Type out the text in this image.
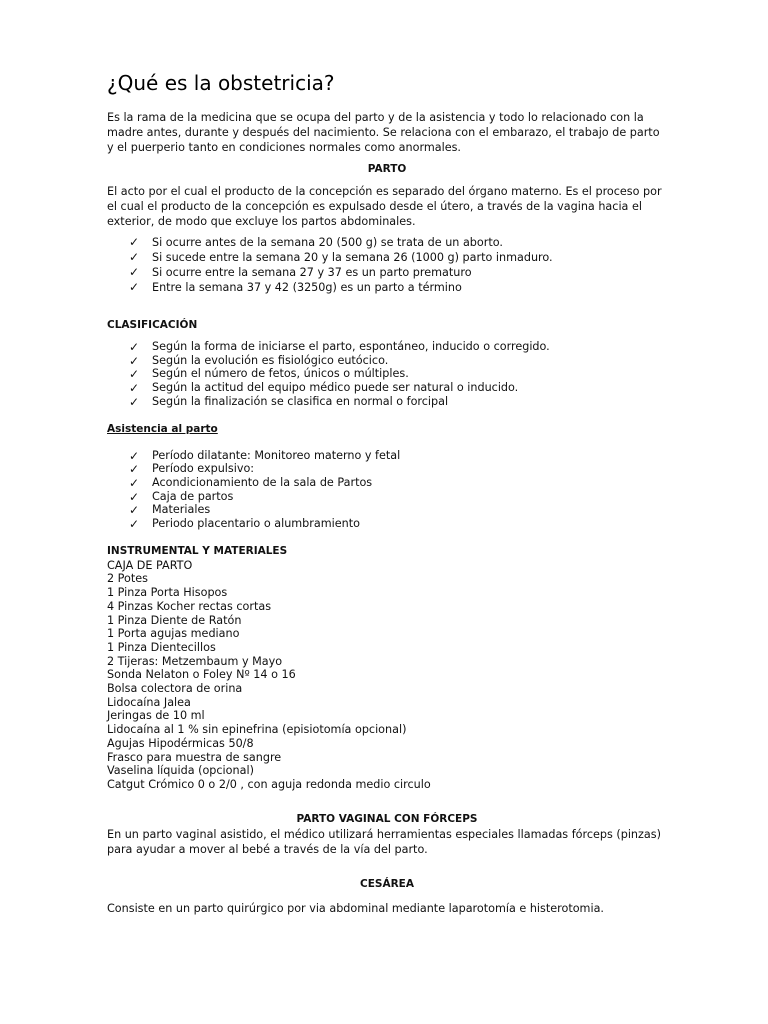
¿Qué es la obstetricia?

Es la rama de la medicina que se ocupa del parto y de la asistencia y todo lo relacionado con la madre antes, durante y después del nacimiento. Se relaciona con el embarazo, el trabajo de parto y el puerperio tanto en condiciones normales como anormales.

PARTO

El acto por el cual el producto de la concepción es separado del órgano materno. Es el proceso por el cual el producto de la concepción es expulsado desde el útero, a través de la vagina hacia el exterior, de modo que excluye los partos abdominales.

✓ Si ocurre antes de la semana 20 (500 g) se trata de un aborto.
✓ Si sucede entre la semana 20 y la semana 26 (1000 g) parto inmaduro.
✓ Si ocurre entre la semana 27 y 37 es un parto prematuro
✓ Entre la semana 37 y 42 (3250g) es un parto a término

CLASIFICACIÓN

✓ Según la forma de iniciarse el parto, espontáneo, inducido o corregido.
✓ Según la evolución es fisiológico eutócico.
✓ Según el número de fetos, únicos o múltiples.
✓ Según la actitud del equipo médico puede ser natural o inducido.
✓ Según la finalización se clasifica en normal o forcipal

Asistencia al parto

✓ Período dilatante: Monitoreo materno y fetal
✓ Período expulsivo:
✓ Acondicionamiento de la sala de Partos
✓ Caja de partos
✓ Materiales
✓ Periodo placentario o alumbramiento

INSTRUMENTAL Y MATERIALES

CAJA DE PARTO
2 Potes
1 Pinza Porta Hisopos
4 Pinzas Kocher rectas cortas
1 Pinza Diente de Ratón
1 Porta agujas mediano
1 Pinza Dientecillos
2 Tijeras: Metzembaum y Mayo
Sonda Nelaton o Foley Nº 14 o 16
Bolsa colectora de orina
Lidocaína Jalea
Jeringas de 10 ml
Lidocaína al 1 % sin epinefrina (episiotomía opcional)
Agujas Hipodérmicas 50/8
Frasco para muestra de sangre
Vaselina líquida (opcional)
Catgut Crómico 0 o 2/0 , con aguja redonda medio circulo

PARTO VAGINAL CON FÓRCEPS

En un parto vaginal asistido, el médico utilizará herramientas especiales llamadas fórceps (pinzas) para ayudar a mover al bebé a través de la vía del parto.

CESÁREA

Consiste en un parto quirúrgico por via abdominal mediante laparotomía e histerotomia.
